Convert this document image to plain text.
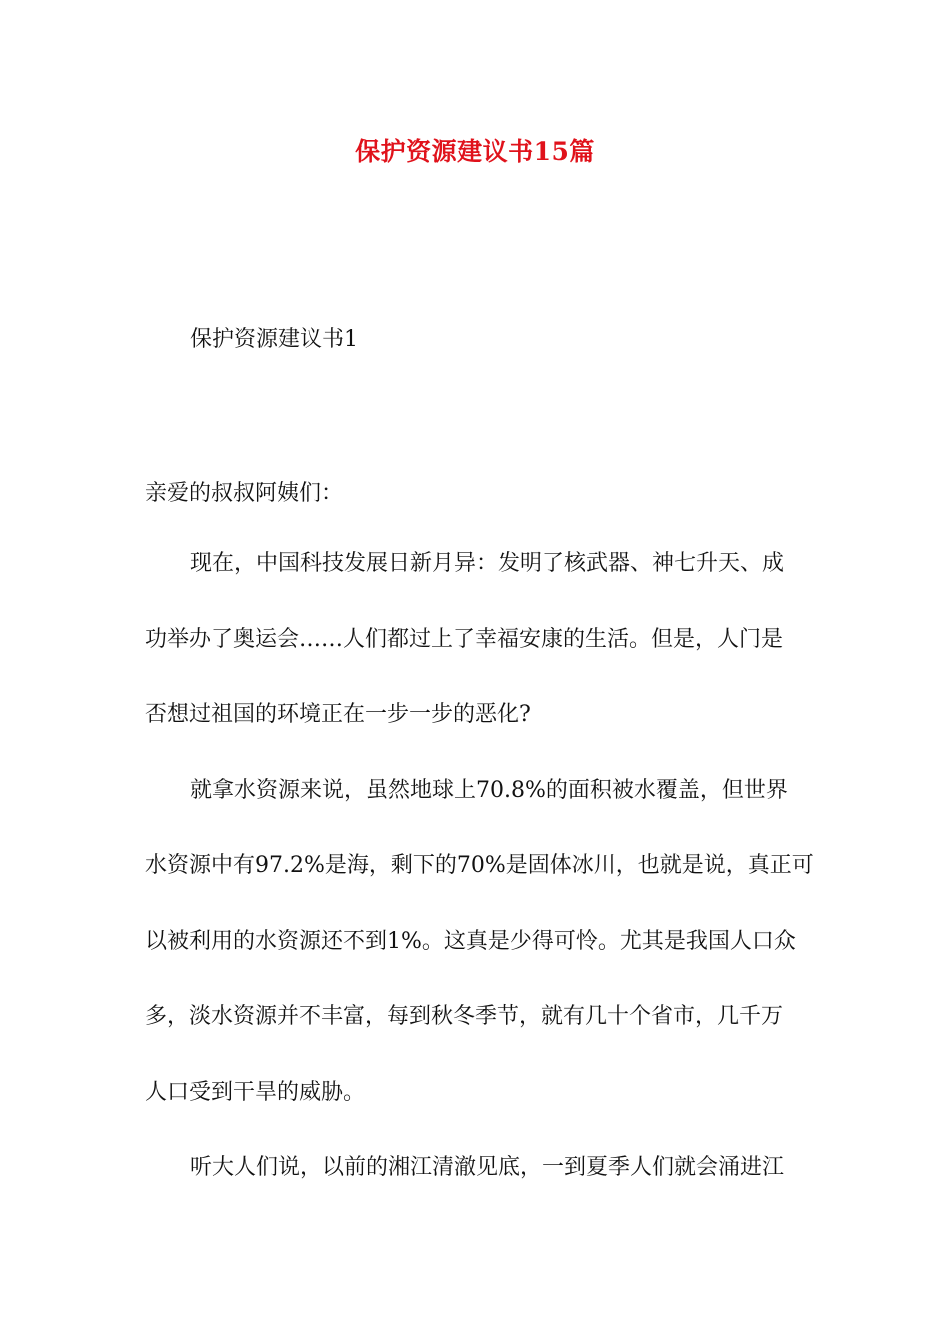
保护资源建议书15篇
保护资源建议书1
亲爱的叔叔阿姨们：
现在，中国科技发展日新月异：发明了核武器、神七升天、成
功举办了奥运会……人们都过上了幸福安康的生活。但是，人门是
否想过祖国的环境正在一步一步的恶化?
就拿水资源来说，虽然地球上70.8%的面积被水覆盖，但世界
水资源中有97.2%是海，剩下的70%是固体冰川，也就是说，真正可
以被利用的水资源还不到1%。这真是少得可怜。尤其是我国人口众
多，淡水资源并不丰富，每到秋冬季节，就有几十个省市，几千万
人口受到干旱的威胁。
听大人们说，以前的湘江清澈见底，一到夏季人们就会涌进江
